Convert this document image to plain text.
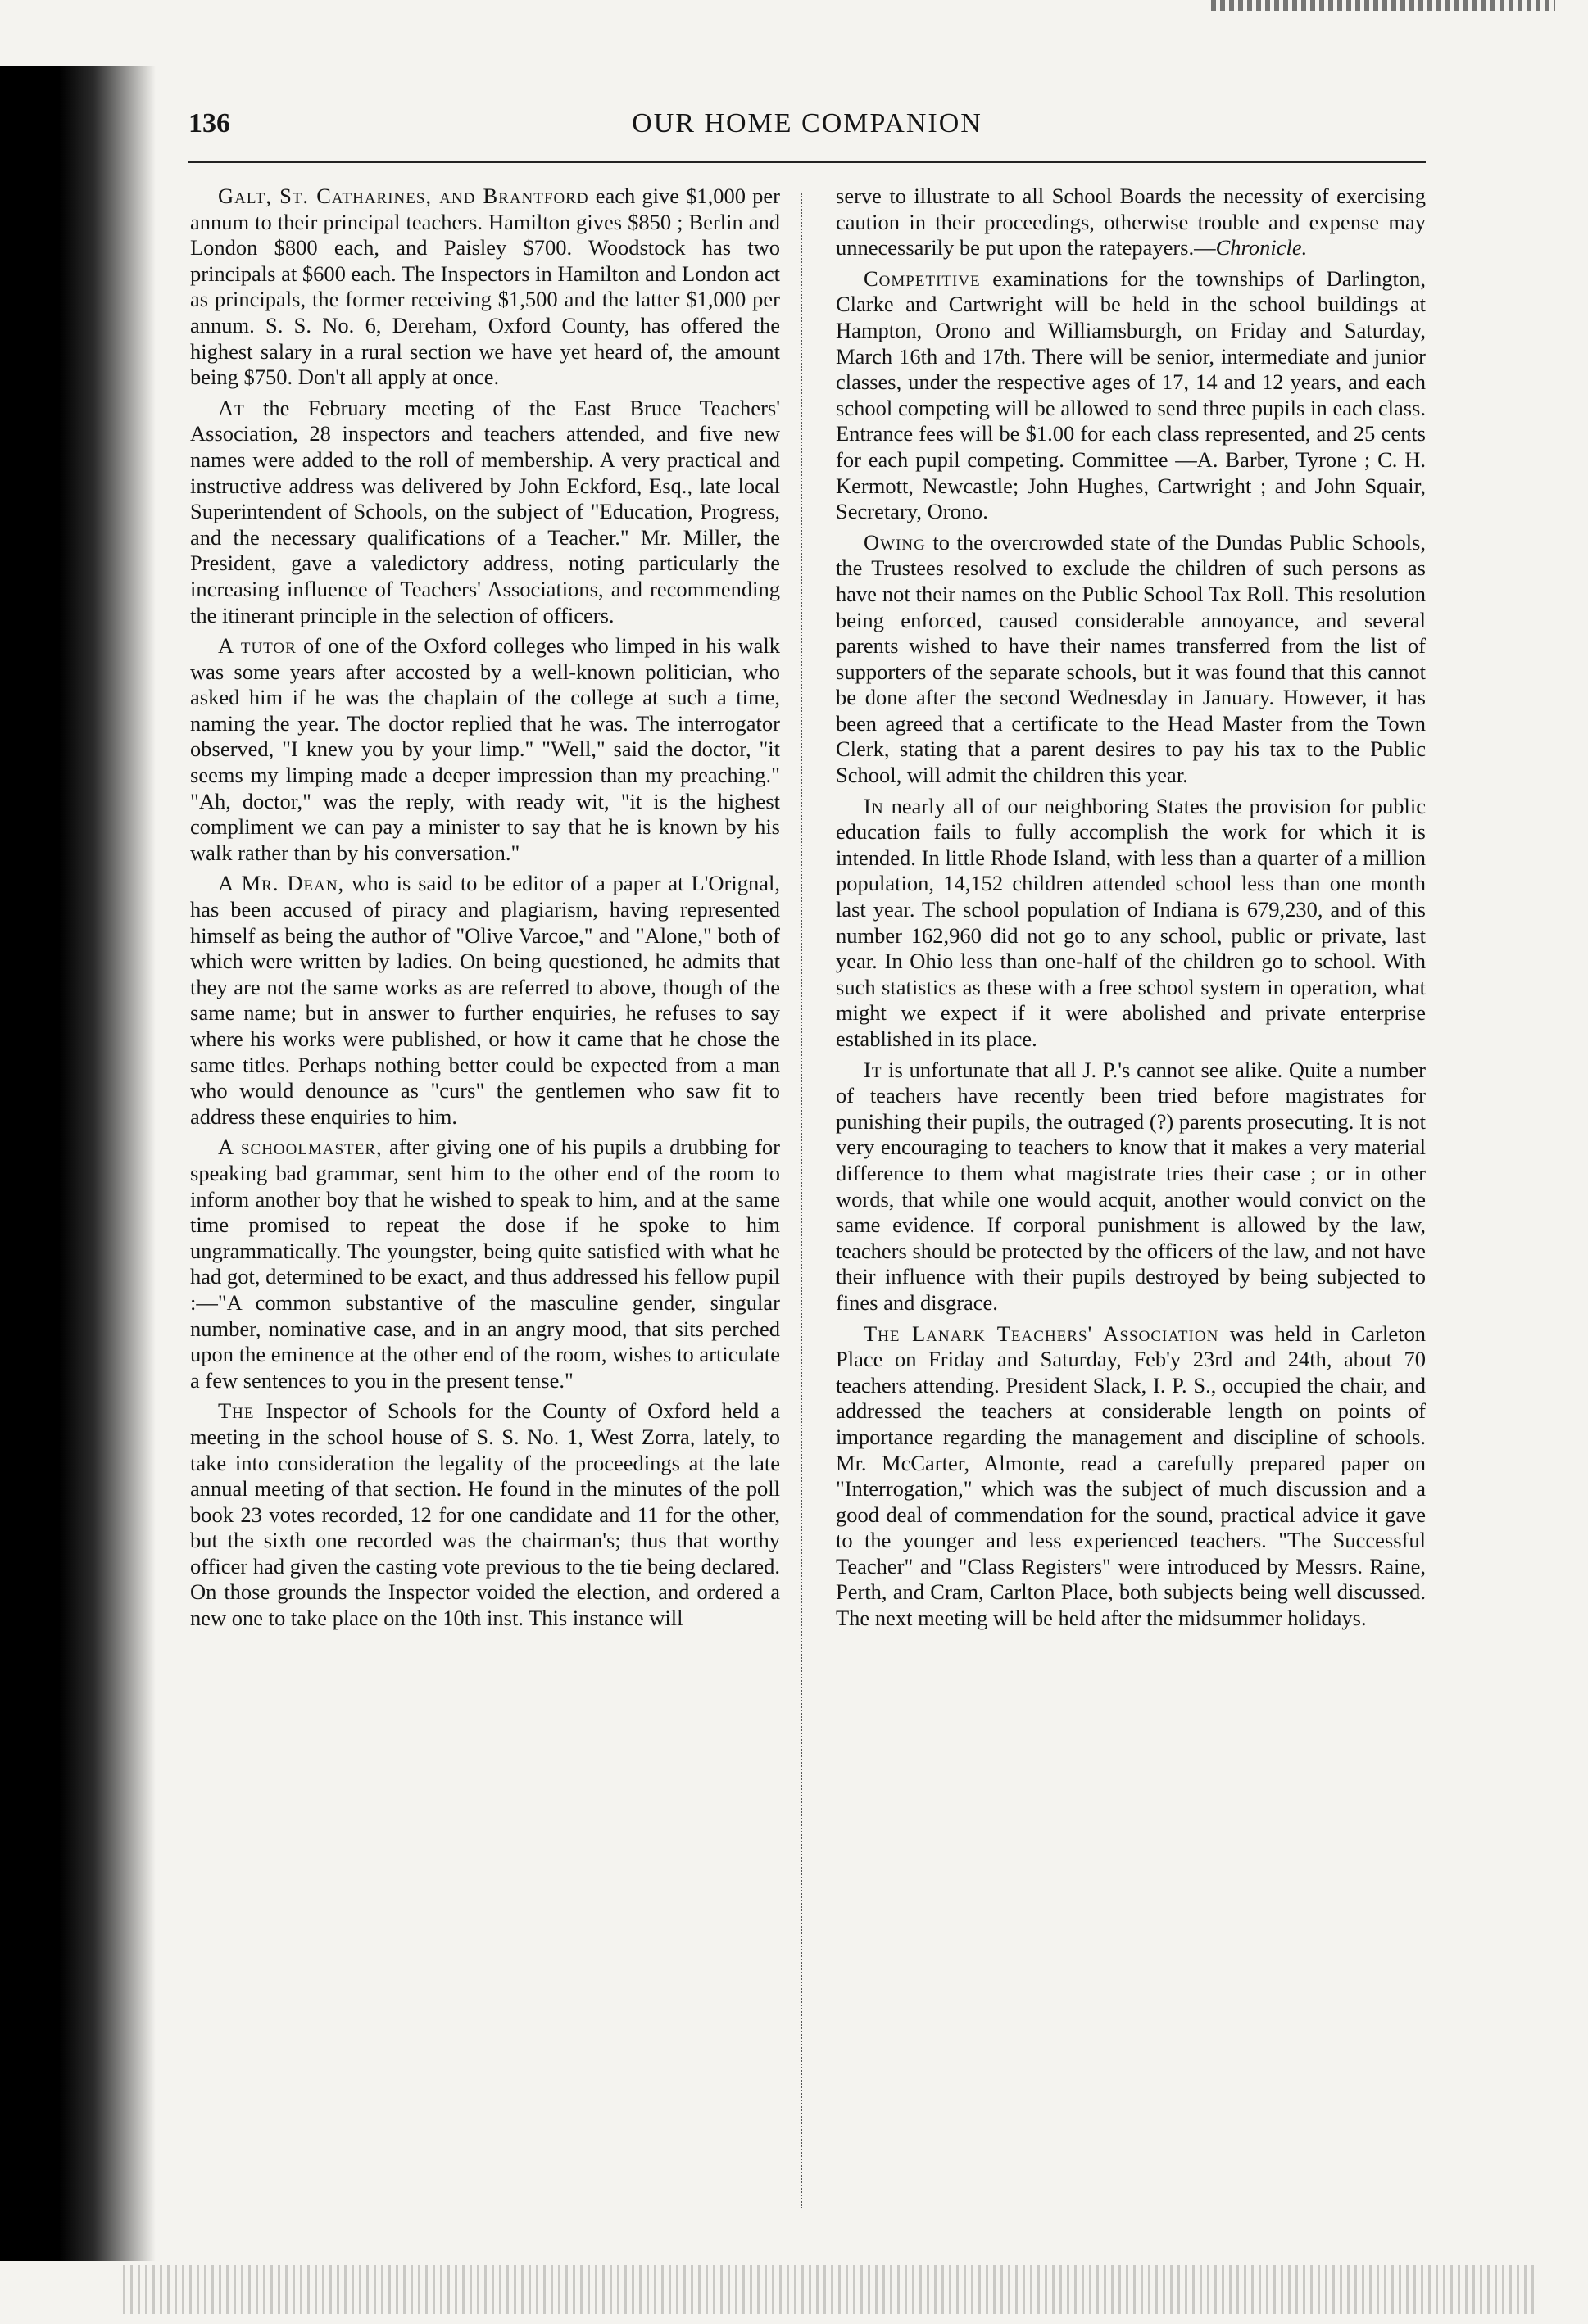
136	OUR HOME COMPANION

Galt, St. Catharines, and Brantford each give $1,000 per annum to their principal teachers. Hamilton gives $850 ; Berlin and London $800 each, and Paisley $700. Woodstock has two principals at $600 each. The Inspectors in Hamilton and London act as principals, the former receiving $1,500 and the latter $1,000 per annum. S. S. No. 6, Dereham, Oxford County, has offered the highest salary in a rural section we have yet heard of, the amount being $750. Don't all apply at once.

At the February meeting of the East Bruce Teachers' Association, 28 inspectors and teachers attended, and five new names were added to the roll of membership. A very practical and instructive address was delivered by John Eckford, Esq., late local Superintendent of Schools, on the subject of "Education, Progress, and the necessary qualifications of a Teacher." Mr. Miller, the President, gave a valedictory address, noting particularly the increasing influence of Teachers' Associations, and recommending the itinerant principle in the selection of officers.

A tutor of one of the Oxford colleges who limped in his walk was some years after accosted by a well-known politician, who asked him if he was the chaplain of the college at such a time, naming the year. The doctor replied that he was. The interrogator observed, "I knew you by your limp." "Well," said the doctor, "it seems my limping made a deeper impression than my preaching." "Ah, doctor," was the reply, with ready wit, "it is the highest compliment we can pay a minister to say that he is known by his walk rather than by his conversation."

A Mr. Dean, who is said to be editor of a paper at L'Orignal, has been accused of piracy and plagiarism, having represented himself as being the author of "Olive Varcoe," and "Alone," both of which were written by ladies. On being questioned, he admits that they are not the same works as are referred to above, though of the same name; but in answer to further enquiries, he refuses to say where his works were published, or how it came that he chose the same titles. Perhaps nothing better could be expected from a man who would denounce as "curs" the gentlemen who saw fit to address these enquiries to him.

A schoolmaster, after giving one of his pupils a drubbing for speaking bad grammar, sent him to the other end of the room to inform another boy that he wished to speak to him, and at the same time promised to repeat the dose if he spoke to him ungrammatically. The youngster, being quite satisfied with what he had got, determined to be exact, and thus addressed his fellow pupil :—"A common substantive of the masculine gender, singular number, nominative case, and in an angry mood, that sits perched upon the eminence at the other end of the room, wishes to articulate a few sentences to you in the present tense."

The Inspector of Schools for the County of Oxford held a meeting in the school house of S. S. No. 1, West Zorra, lately, to take into consideration the legality of the proceedings at the late annual meeting of that section. He found in the minutes of the poll book 23 votes recorded, 12 for one candidate and 11 for the other, but the sixth one recorded was the chairman's; thus that worthy officer had given the casting vote previous to the tie being declared. On those grounds the Inspector voided the election, and ordered a new one to take place on the 10th inst. This instance will

serve to illustrate to all School Boards the necessity of exercising caution in their proceedings, otherwise trouble and expense may unnecessarily be put upon the ratepayers.—Chronicle.

Competitive examinations for the townships of Darlington, Clarke and Cartwright will be held in the school buildings at Hampton, Orono and Williamsburgh, on Friday and Saturday, March 16th and 17th. There will be senior, intermediate and junior classes, under the respective ages of 17, 14 and 12 years, and each school competing will be allowed to send three pupils in each class. Entrance fees will be $1.00 for each class represented, and 25 cents for each pupil competing. Committee —A. Barber, Tyrone ; C. H. Kermott, Newcastle; John Hughes, Cartwright ; and John Squair, Secretary, Orono.

Owing to the overcrowded state of the Dundas Public Schools, the Trustees resolved to exclude the children of such persons as have not their names on the Public School Tax Roll. This resolution being enforced, caused considerable annoyance, and several parents wished to have their names transferred from the list of supporters of the separate schools, but it was found that this cannot be done after the second Wednesday in January. However, it has been agreed that a certificate to the Head Master from the Town Clerk, stating that a parent desires to pay his tax to the Public School, will admit the children this year.

In nearly all of our neighboring States the provision for public education fails to fully accomplish the work for which it is intended. In little Rhode Island, with less than a quarter of a million population, 14,152 children attended school less than one month last year. The school population of Indiana is 679,230, and of this number 162,960 did not go to any school, public or private, last year. In Ohio less than one-half of the children go to school. With such statistics as these with a free school system in operation, what might we expect if it were abolished and private enterprise established in its place.

It is unfortunate that all J. P.'s cannot see alike. Quite a number of teachers have recently been tried before magistrates for punishing their pupils, the outraged (?) parents prosecuting. It is not very encouraging to teachers to know that it makes a very material difference to them what magistrate tries their case ; or in other words, that while one would acquit, another would convict on the same evidence. If corporal punishment is allowed by the law, teachers should be protected by the officers of the law, and not have their influence with their pupils destroyed by being subjected to fines and disgrace.

The Lanark Teachers' Association was held in Carleton Place on Friday and Saturday, Feb'y 23rd and 24th, about 70 teachers attending. President Slack, I. P. S., occupied the chair, and addressed the teachers at considerable length on points of importance regarding the management and discipline of schools. Mr. McCarter, Almonte, read a carefully prepared paper on "Interrogation," which was the subject of much discussion and a good deal of commendation for the sound, practical advice it gave to the younger and less experienced teachers. "The Successful Teacher" and "Class Registers" were introduced by Messrs. Raine, Perth, and Cram, Carlton Place, both subjects being well discussed. The next meeting will be held after the midsummer holidays.
